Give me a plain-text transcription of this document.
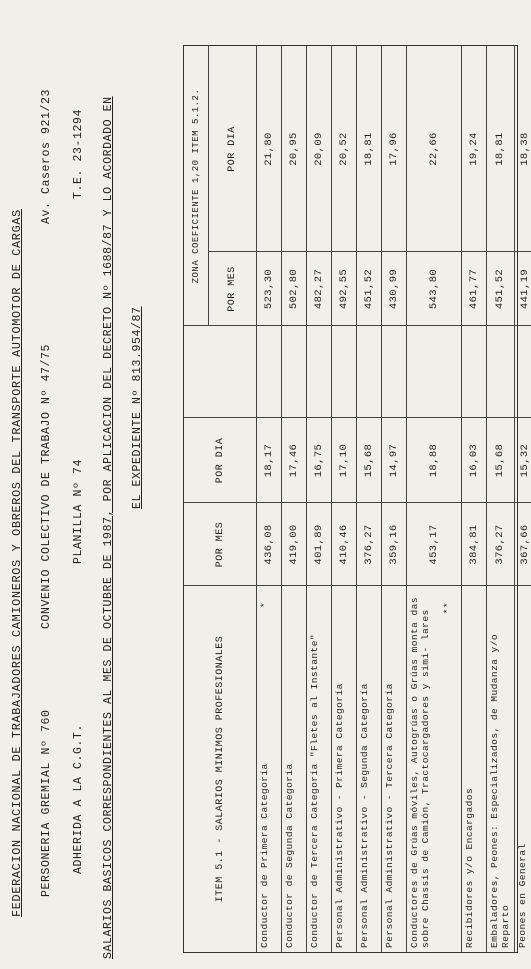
FEDERACION NACIONAL DE TRABAJADORES CAMIONEROS Y OBREROS DEL TRANSPORTE AUTOMOTOR DE CARGAS PERSONERIA GREMIAL Nº 760
CONVENIO COLECTIVO DE TRABAJO Nº 47/75
Av. Caseros 921/23
ADHERIDA A LA C.G.T.
PLANILLA Nº 74
T.E. 23-1294 SALARIOS BASICOS CORRESPONDIENTES AL MES DE OCTUBRE DE 1987, POR APLICACION DEL DECRETO Nº 1688/87 Y LO ACORDADO EN EL EXPEDIENTE Nº 813.954/87
ITEM 5.1 - SALARIOS MINIMOS PROFESIONALES
POR MES
POR DIA
ZONA COEFICIENTE 1,20 ITEM 5.1.2.
POR MES
POR DIA
Conductor de Primera Categoría
*
436,08
18,17
523,30
21,80
Conductor de Segunda Categoría
419,00
17,46
502,80
20,95
Conductor de Tercera Categoría "Fletes al Instante"
401,89
16,75
482,27
20,09
Personal Administrativo - Primera Categoría
410,46
17,10
492,55
20,52
Personal Administrativo - Segunda Categoría
376,27
15,68
451,52
18,81
Personal Administrativo - Tercera Categoría
359,16
14,97
430,99
17,96
Conductores de Grúas móviles, Autogrúas o Grúas monta das sobre Chassis de Camión, Tractocargadores y simi- lares
**
453,17
18,88
543,80
22,66
Recibidores y/o Encargados
384,81
16,03
461,77
19,24
Embaladores, Peones: Especializados, de Mudanza y/o Reparto
376,27
15,68
451,52
18,81
Peones en General
367,66
15,32
441,19
18,38
